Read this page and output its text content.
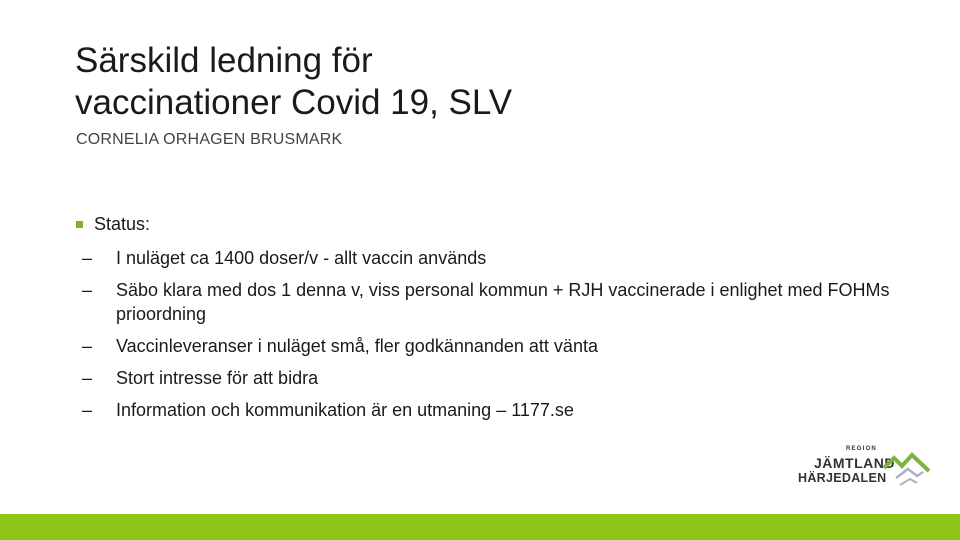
Särskild ledning för
vaccinationer Covid 19, SLV
CORNELIA ORHAGEN BRUSMARK
Status:
–	I nuläget ca 1400 doser/v - allt vaccin används
–	Säbo klara med dos 1 denna v, viss personal kommun + RJH vaccinerade i enlighet med FOHMs prioordning
–	Vaccinleveranser i nuläget små, fler godkännanden att vänta
–	Stort intresse för att bidra
–	Information och kommunikation är en utmaning – 1177.se
REGION
JÄMTLAND
HÄRJEDALEN
